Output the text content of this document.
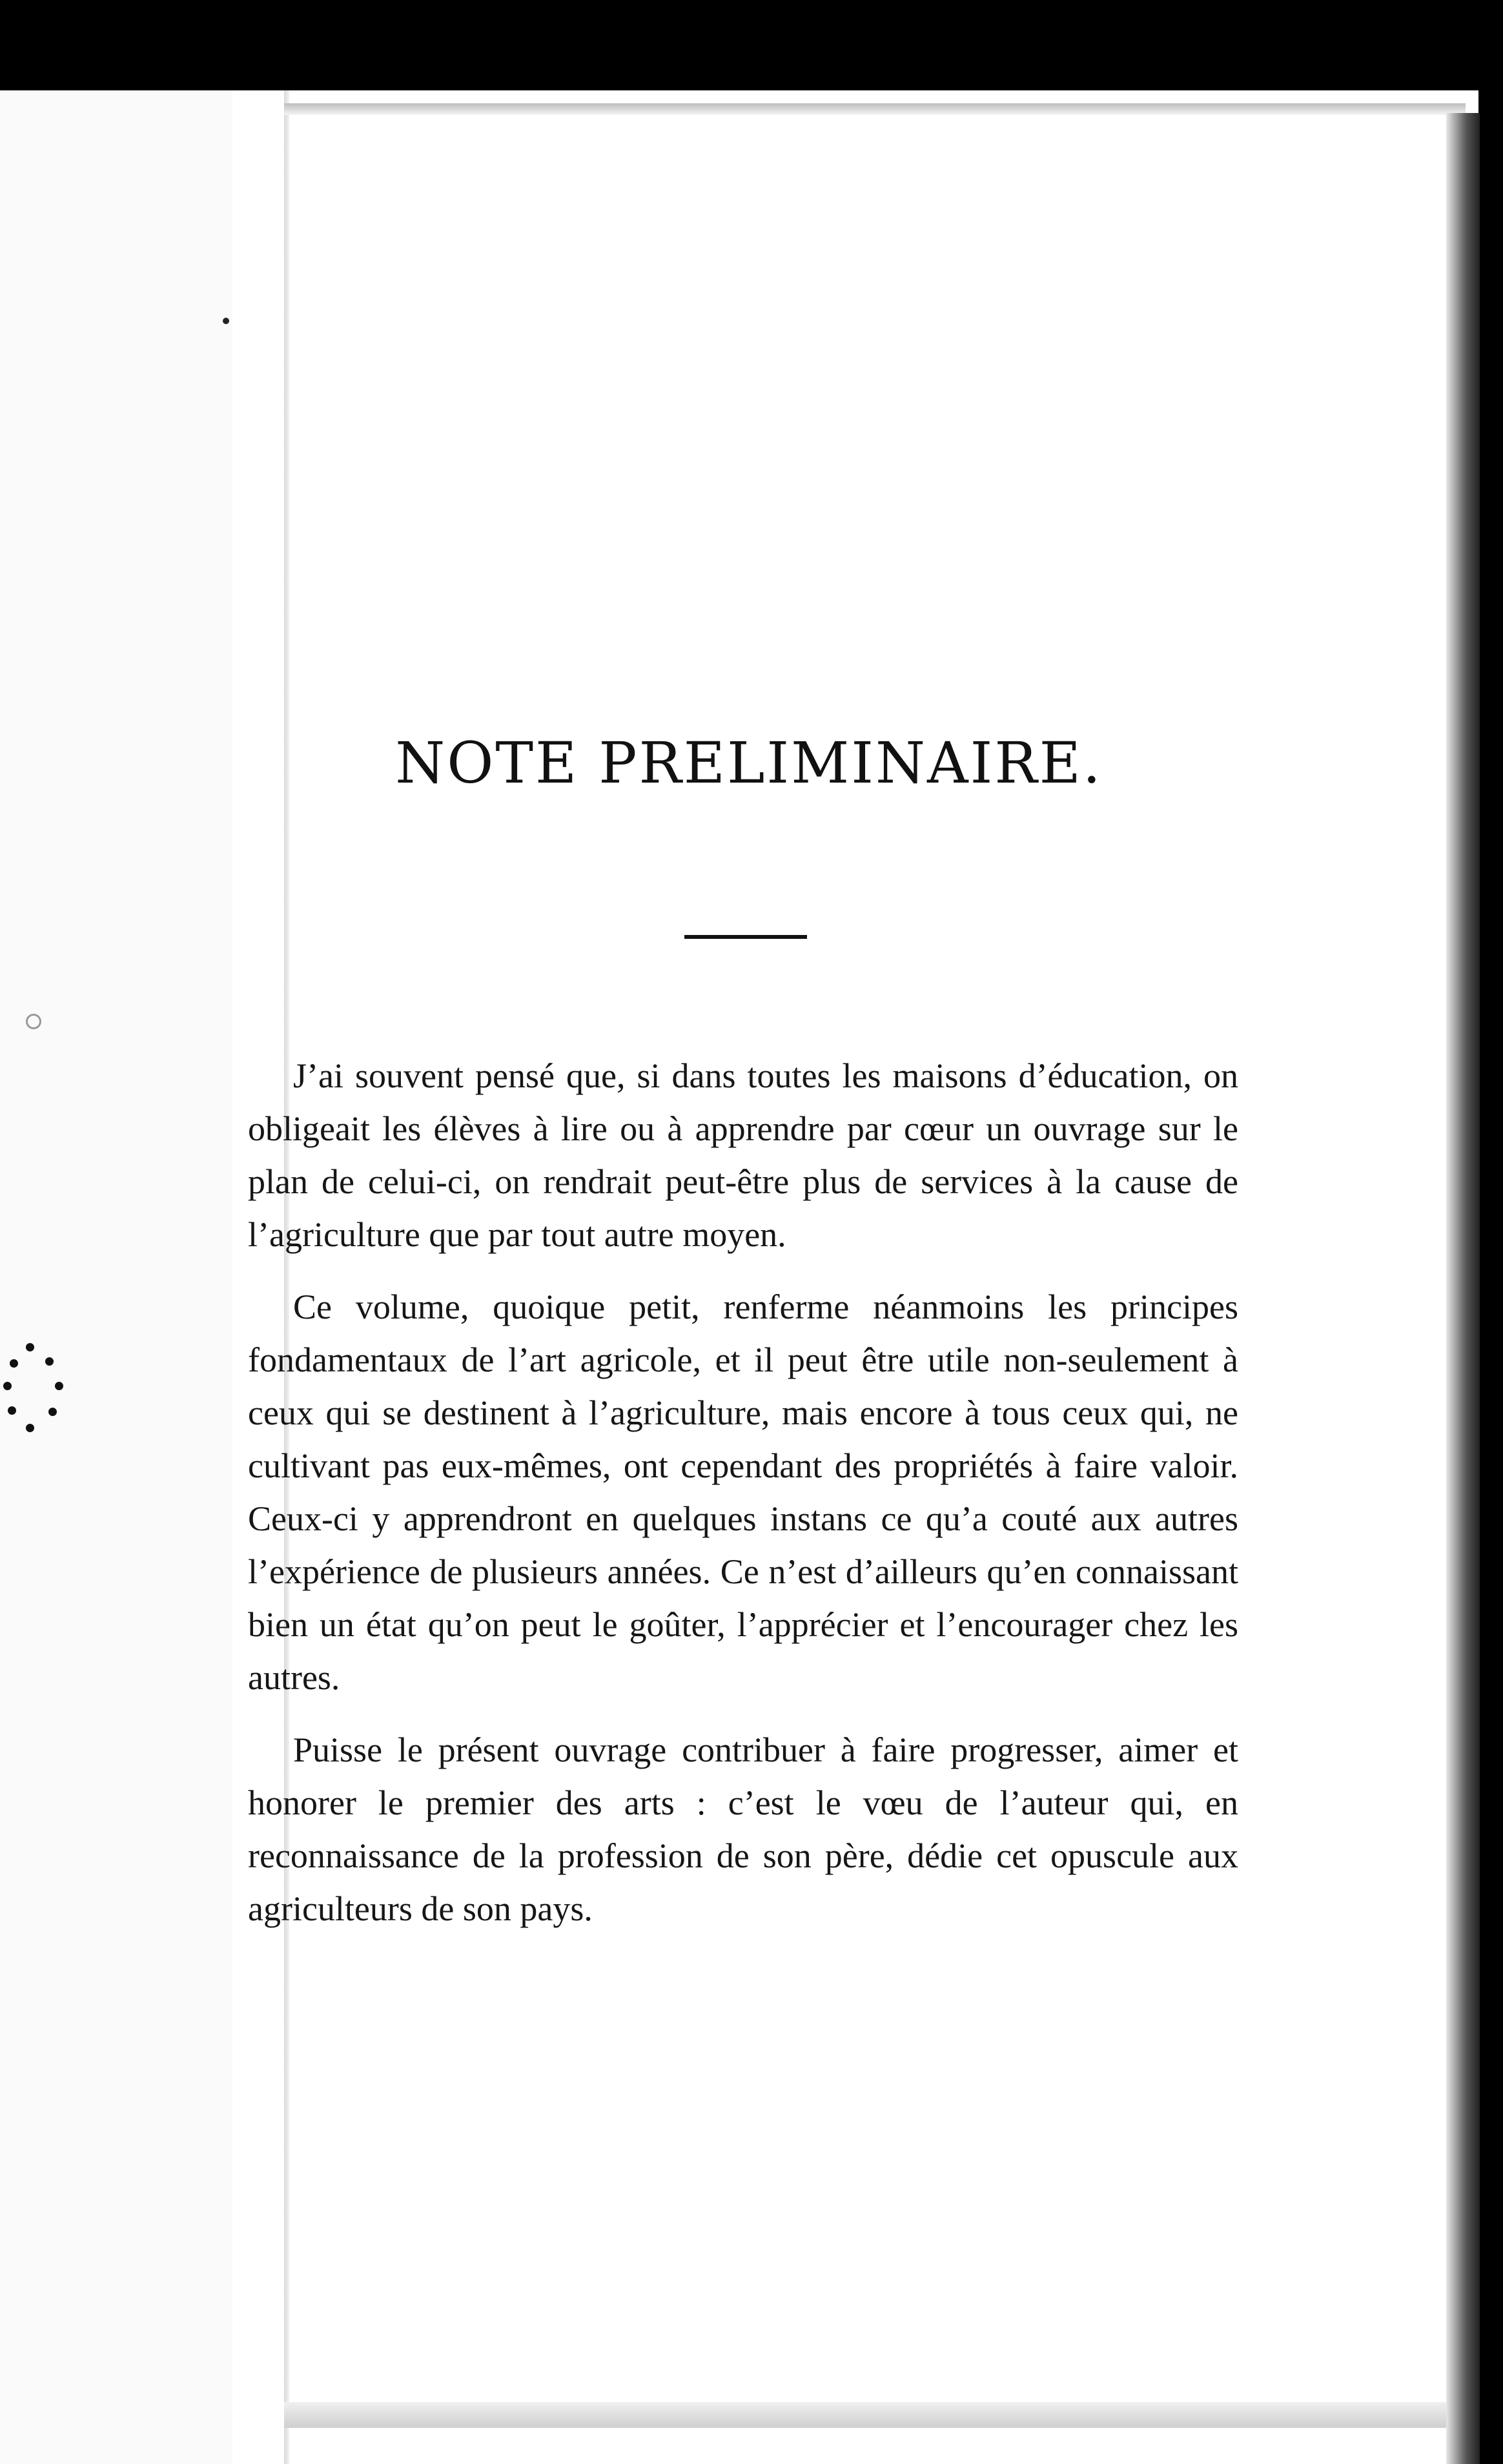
NOTE PRELIMINAIRE.

J’ai souvent pensé que, si dans toutes les maisons d’éducation, on obligeait les élèves à lire ou à apprendre par cœur un ouvrage sur le plan de celui-ci, on rendrait peut-être plus de services à la cause de l’agriculture que par tout autre moyen.

Ce volume, quoique petit, renferme néanmoins les principes fondamentaux de l’art agricole, et il peut être utile non-seulement à ceux qui se destinent à l’agriculture, mais encore à tous ceux qui, ne cultivant pas eux-mêmes, ont cependant des propriétés à faire valoir. Ceux-ci y apprendront en quelques instans ce qu’a couté aux autres l’expérience de plusieurs années. Ce n’est d’ailleurs qu’en connaissant bien un état qu’on peut le goûter, l’apprécier et l’encourager chez les autres.

Puisse le présent ouvrage contribuer à faire progresser, aimer et honorer le premier des arts : c’est le vœu de l’auteur qui, en reconnaissance de la profession de son père, dédie cet opuscule aux agriculteurs de son pays.
